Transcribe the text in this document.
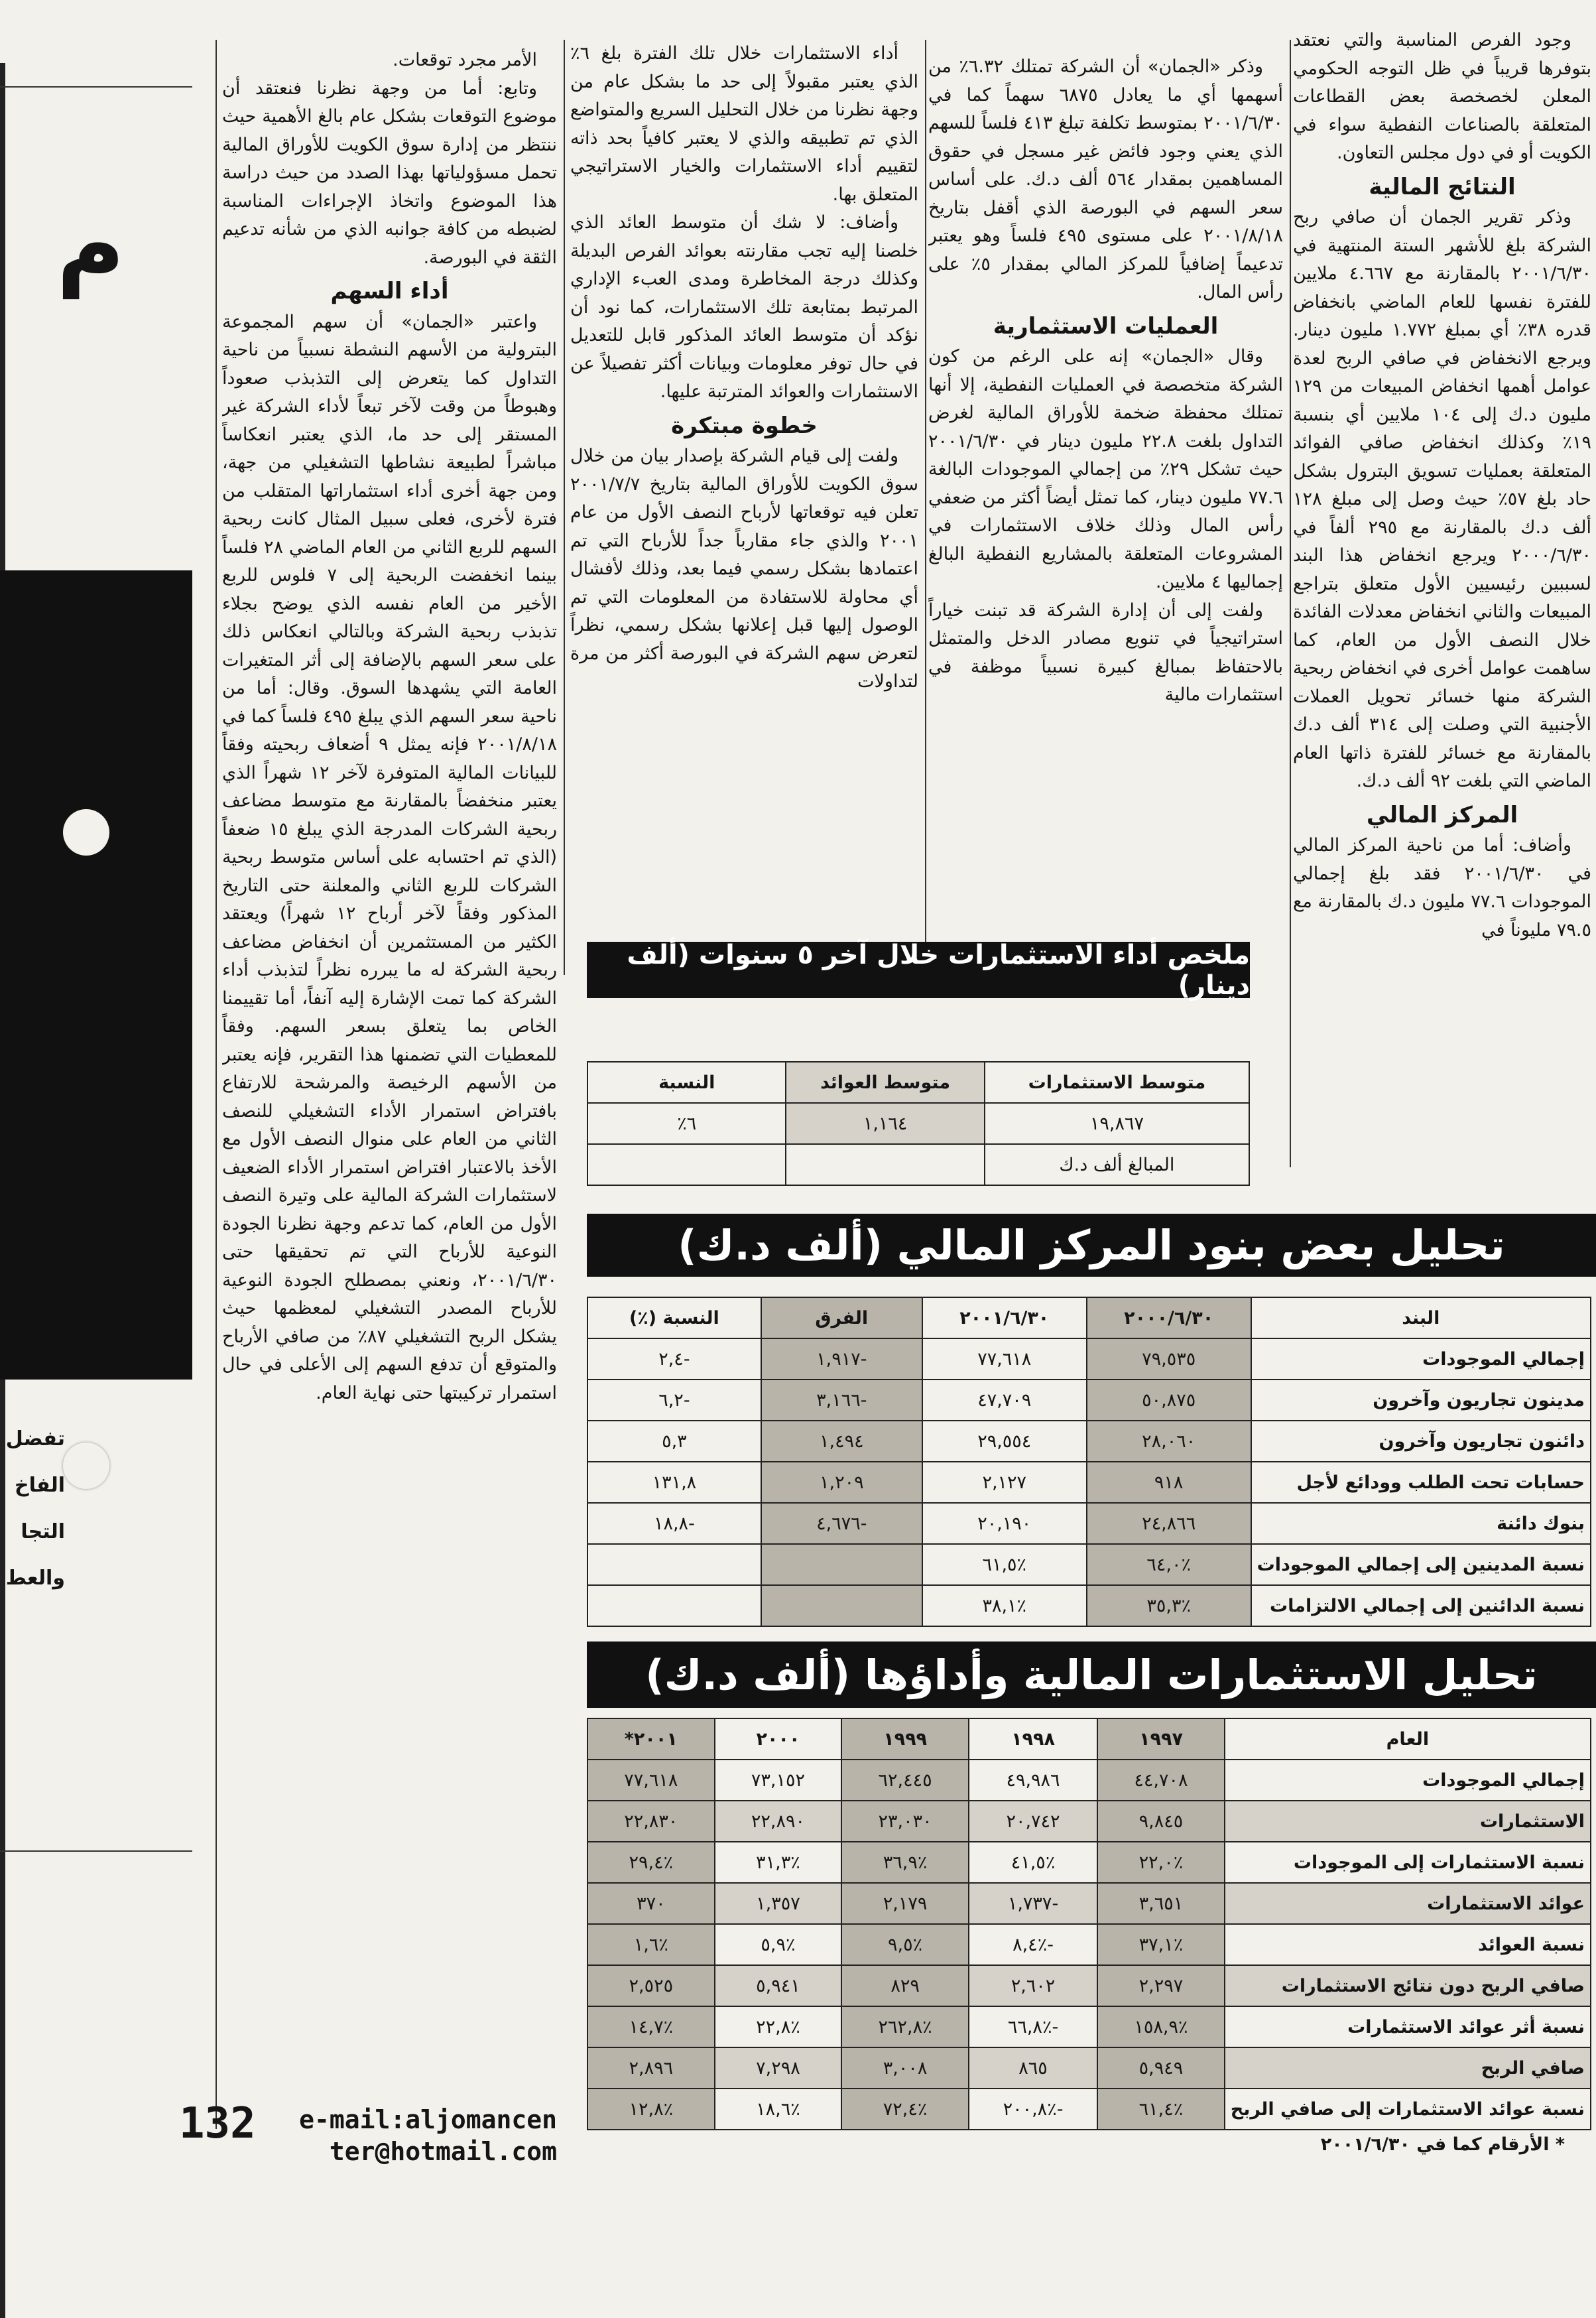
م
تفضل
الفاخ
التجا
والعط

وجود الفرص المناسبة والتي نعتقد بتوفرها قريباً في ظل التوجه الحكومي المعلن لخصخصة بعض القطاعات المتعلقة بالصناعات النفطية سواء في الكويت أو في دول مجلس التعاون.

النتائج المالية

وذكر تقرير الجمان أن صافي ربح الشركة بلغ للأشهر الستة المنتهية في ٢٠٠١/٦/٣٠ بالمقارنة مع ٤.٦٦٧ ملايين للفترة نفسها للعام الماضي بانخفاض قدره ٣٨٪ أي بمبلغ ١.٧٧٢ مليون دينار. ويرجع الانخفاض في صافي الربح لعدة عوامل أهمها انخفاض المبيعات من ١٢٩ مليون د.ك إلى ١٠٤ ملايين أي بنسبة ١٩٪ وكذلك انخفاض صافي الفوائد المتعلقة بعمليات تسويق البترول بشكل حاد بلغ ٥٧٪ حيث وصل إلى مبلغ ١٢٨ ألف د.ك بالمقارنة مع ٢٩٥ ألفاً في ٢٠٠٠/٦/٣٠ ويرجع انخفاض هذا البند لسببين رئيسيين الأول متعلق بتراجع المبيعات والثاني انخفاض معدلات الفائدة خلال النصف الأول من العام، كما ساهمت عوامل أخرى في انخفاض ربحية الشركة منها خسائر تحويل العملات الأجنبية التي وصلت إلى ٣١٤ ألف د.ك بالمقارنة مع خسائر للفترة ذاتها العام الماضي التي بلغت ٩٢ ألف د.ك.

المركز المالي

وأضاف: أما من ناحية المركز المالي في ٢٠٠١/٦/٣٠ فقد بلغ إجمالي الموجودات ٧٧.٦ مليون د.ك بالمقارنة مع ٧٩.٥ مليوناً في

وذكر «الجمان» أن الشركة تمتلك ٦.٣٢٪ من أسهمها أي ما يعادل ٦٨٧٥ سهماً كما في ٢٠٠١/٦/٣٠ بمتوسط تكلفة تبلغ ٤١٣ فلساً للسهم الذي يعني وجود فائض غير مسجل في حقوق المساهمين بمقدار ٥٦٤ ألف د.ك. على أساس سعر السهم في البورصة الذي أقفل بتاريخ ٢٠٠١/٨/١٨ على مستوى ٤٩٥ فلساً وهو يعتبر تدعيماً إضافياً للمركز المالي بمقدار ٥٪ على رأس المال.

العمليات الاستثمارية

وقال «الجمان» إنه على الرغم من كون الشركة متخصصة في العمليات النفطية، إلا أنها تمتلك محفظة ضخمة للأوراق المالية لغرض التداول بلغت ٢٢.٨ مليون دينار في ٢٠٠١/٦/٣٠ حيث تشكل ٢٩٪ من إجمالي الموجودات البالغة ٧٧.٦ مليون دينار، كما تمثل أيضاً أكثر من ضعفي رأس المال وذلك خلاف الاستثمارات في المشروعات المتعلقة بالمشاريع النفطية البالغ إجماليها ٤ ملايين.

ولفت إلى أن إدارة الشركة قد تبنت خياراً استراتيجياً في تنويع مصادر الدخل والمتمثل بالاحتفاظ بمبالغ كبيرة نسبياً موظفة في استثمارات مالية

أداء الاستثمارات خلال تلك الفترة بلغ ٦٪ الذي يعتبر مقبولاً إلى حد ما بشكل عام من وجهة نظرنا من خلال التحليل السريع والمتواضع الذي تم تطبيقه والذي لا يعتبر كافياً بحد ذاته لتقييم أداء الاستثمارات والخيار الاستراتيجي المتعلق بها.

وأضاف: لا شك أن متوسط العائد الذي خلصنا إليه تجب مقارنته بعوائد الفرص البديلة وكذلك درجة المخاطرة ومدى العبء الإداري المرتبط بمتابعة تلك الاستثمارات، كما نود أن نؤكد أن متوسط العائد المذكور قابل للتعديل في حال توفر معلومات وبيانات أكثر تفصيلاً عن الاستثمارات والعوائد المترتبة عليها.

خطوة مبتكرة

ولفت إلى قيام الشركة بإصدار بيان من خلال سوق الكويت للأوراق المالية بتاريخ ٢٠٠١/٧/٧ تعلن فيه توقعاتها لأرباح النصف الأول من عام ٢٠٠١ والذي جاء مقارباً جداً للأرباح التي تم اعتمادها بشكل رسمي فيما بعد، وذلك لأفشال أي محاولة للاستفادة من المعلومات التي تم الوصول إليها قبل إعلانها بشكل رسمي، نظراً لتعرض سهم الشركة في البورصة أكثر من مرة لتداولات

الأمر مجرد توقعات.

وتابع: أما من وجهة نظرنا فنعتقد أن موضوع التوقعات بشكل عام بالغ الأهمية حيث ننتظر من إدارة سوق الكويت للأوراق المالية تحمل مسؤولياتها بهذا الصدد من حيث دراسة هذا الموضوع واتخاذ الإجراءات المناسبة لضبطه من كافة جوانبه الذي من شأنه تدعيم الثقة في البورصة.

أداء السهم

واعتبر «الجمان» أن سهم المجموعة البترولية من الأسهم النشطة نسبياً من ناحية التداول كما يتعرض إلى التذبذب صعوداً وهبوطاً من وقت لآخر تبعاً لأداء الشركة غير المستقر إلى حد ما، الذي يعتبر انعكاساً مباشراً لطبيعة نشاطها التشغيلي من جهة، ومن جهة أخرى أداء استثماراتها المتقلب من فترة لأخرى، فعلى سبيل المثال كانت ربحية السهم للربع الثاني من العام الماضي ٢٨ فلساً بينما انخفضت الربحية إلى ٧ فلوس للربع الأخير من العام نفسه الذي يوضح بجلاء تذبذب ربحية الشركة وبالتالي انعكاس ذلك على سعر السهم بالإضافة إلى أثر المتغيرات العامة التي يشهدها السوق. وقال: أما من ناحية سعر السهم الذي يبلغ ٤٩٥ فلساً كما في ٢٠٠١/٨/١٨ فإنه يمثل ٩ أضعاف ربحيته وفقاً للبيانات المالية المتوفرة لآخر ١٢ شهراً الذي يعتبر منخفضاً بالمقارنة مع متوسط مضاعف ربحية الشركات المدرجة الذي يبلغ ١٥ ضعفاً (الذي تم احتسابه على أساس متوسط ربحية الشركات للربع الثاني والمعلنة حتى التاريخ المذكور وفقاً لآخر أرباح ١٢ شهراً) ويعتقد الكثير من المستثمرين أن انخفاض مضاعف ربحية الشركة له ما يبرره نظراً لتذبذب أداء الشركة كما تمت الإشارة إليه آنفاً، أما تقييمنا الخاص بما يتعلق بسعر السهم. وفقاً للمعطيات التي تضمنها هذا التقرير، فإنه يعتبر من الأسهم الرخيصة والمرشحة للارتفاع بافتراض استمرار الأداء التشغيلي للنصف الثاني من العام على منوال النصف الأول مع الأخذ بالاعتبار افتراض استمرار الأداء الضعيف لاستثمارات الشركة المالية على وتيرة النصف الأول من العام، كما تدعم وجهة نظرنا الجودة النوعية للأرباح التي تم تحقيقها حتى ٢٠٠١/٦/٣٠، ونعني بمصطلح الجودة النوعية للأرباح المصدر التشغيلي لمعظمها حيث يشكل الربح التشغيلي ٨٧٪ من صافي الأرباح والمتوقع أن تدفع السهم إلى الأعلى في حال استمرار تركيبتها حتى نهاية العام.

132	e-mail:aljomancen
ter@hotmail.com
ملخص أداء الاستثمارات خلال آخر ٥ سنوات (ألف دينار)
متوسط الاستثمارات	متوسط العوائد	النسبة
١٩,٨٦٧	١,١٦٤	٦٪
المبالغ ألف د.ك		
تحليل بعض بنود المركز المالي (ألف د.ك)
البند	٢٠٠٠/٦/٣٠	٢٠٠١/٦/٣٠	الفرق	النسبة (٪)
إجمالي الموجودات	٧٩,٥٣٥	٧٧,٦١٨	-١,٩١٧	-٢,٤
مدينون تجاريون وآخرون	٥٠,٨٧٥	٤٧,٧٠٩	-٣,١٦٦	-٦,٢
دائنون تجاريون وآخرون	٢٨,٠٦٠	٢٩,٥٥٤	١,٤٩٤	٥,٣
حسابات تحت الطلب وودائع لأجل	٩١٨	٢,١٢٧	١,٢٠٩	١٣١,٨
بنوك دائنة	٢٤,٨٦٦	٢٠,١٩٠	-٤,٦٧٦	-١٨,٨
نسبة المدينين إلى إجمالي الموجودات	٪٦٤,٠	٪٦١,٥		
نسبة الدائنين إلى إجمالي الالتزامات	٪٣٥,٣	٪٣٨,١		
تحليل الاستثمارات المالية وأداؤها (ألف د.ك)
العام	١٩٩٧	١٩٩٨	١٩٩٩	٢٠٠٠	٢٠٠١*
إجمالي الموجودات	٤٤,٧٠٨	٤٩,٩٨٦	٦٢,٤٤٥	٧٣,١٥٢	٧٧,٦١٨
الاستثمارات	٩,٨٤٥	٢٠,٧٤٢	٢٣,٠٣٠	٢٢,٨٩٠	٢٢,٨٣٠
نسبة الاستثمارات إلى الموجودات	٪٢٢,٠	٪٤١,٥	٪٣٦,٩	٪٣١,٣	٪٢٩,٤
عوائد الاستثمارات	٣,٦٥١	-١,٧٣٧	٢,١٧٩	١,٣٥٧	٣٧٠
نسبة العوائد	٪٣٧,١	-٪٨,٤	٪٩,٥	٪٥,٩	٪١,٦
صافي الربح دون نتائج الاستثمارات	٢,٢٩٧	٢,٦٠٢	٨٢٩	٥,٩٤١	٢,٥٢٥
نسبة أثر عوائد الاستثمارات	٪١٥٨,٩	-٪٦٦,٨	٪٢٦٢,٨	٪٢٢,٨	٪١٤,٧
صافي الربح	٥,٩٤٩	٨٦٥	٣,٠٠٨	٧,٢٩٨	٢,٨٩٦
نسبة عوائد الاستثمارات إلى صافي الربح	٪٦١,٤	-٪٢٠٠,٨	٪٧٢,٤	٪١٨,٦	٪١٢,٨
* الأرقام كما في ٢٠٠١/٦/٣٠
